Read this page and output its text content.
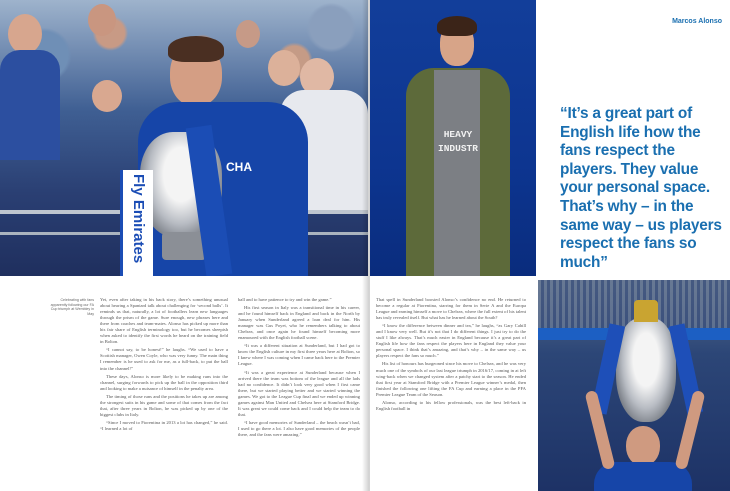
CHA
Fly Emirates
Celebrating with fans apparently following our FA Cup triumph at Wembley in May

Yet, even after taking in his back story, there’s something unusual about hearing a Spaniard talk about challenging for ‘second balls’. It reminds us that, naturally, a lot of footballers learn new languages through the prism of the game. Sure enough, new phrases here and there from coaches and team-mates. Alonso has picked up more than his fair share of English terminology too, but he becomes sheepish when asked to identify the first words he heard on the training field in Bolton.

“I cannot say, to be honest!” he laughs. “We used to have a Scottish manager, Owen Coyle, who was very funny. The main thing I remember is he used to ask for me, as a full-back, to put the ball into the channel!”

These days, Alonso is more likely to be making runs into the channel, surging forwards to pick up the ball in the opposition third and looking to make a nuisance of himself in the penalty area.

The timing of those runs and the positions he takes up are among the strongest suits in his game and some of that comes from the fact that, after three years in Bolton, he was picked up by one of the biggest clubs in Italy.

“Since I moved to Fiorentina in 2013 a lot has changed,” he said. “I learned a lot of

ball and to have patience to try and win the game.”

His first season in Italy was a transitional time in his career, and he found himself back in England and back in the North by January when Sunderland agreed a loan deal for him. His manager was Gus Poyet, who he remembers talking to about Chelsea, and once again he found himself becoming more enamoured with the English football scene.

“It was a different situation at Sunderland, but I had got to know the English culture in my first three years here at Bolton, so I knew where I was coming when I came back here to the Premier League.

“It was a great experience at Sunderland because when I arrived there the team was bottom of the league and all the lads had no confidence. It didn’t look very good when I first came there, but we started playing better and we started winning the games. We got to the League Cup final and we ended up winning games against Man United and Chelsea here at Stamford Bridge. It was great we could come back and I could help the team to do that.

“I have good memories of Sunderland – the beach wasn’t bad, I used to go there a lot. I also have good memories of the people there, and the fans were amazing.”

HEAVY INDUSTR
Marcos Alonso
“It’s a great part of English life how the fans respect the players. They value your personal space. That’s why – in the same way – us players respect the fans so much”

That spell in Sunderland boosted Alonso’s confidence no end. He returned to become a regular at Fiorentina, starring for them in Serie A and the Europa League and earning himself a move to Chelsea, where the full extent of his talent has truly revealed itself. But what has he learned about the South?

“I know the difference between dinner and tea,” he laughs, “as Gary Cahill and I know very well. But it’s not that I do different things. I just try to do the stuff I like always. That’s much easier in England because it’s a great part of English life how the fans respect the players here in England they value your personal space. I think that’s amazing, and that’s why – in the same way – us players respect the fans so much.”

His list of honours has burgeoned since his move to Chelsea, and he was very much one of the symbols of our last league triumph in 2016/17, coming in at left wing-back when we changed system after a patchy start to the season. He ended that first year at Stamford Bridge with a Premier League winner’s medal, then finished the following one lifting the FA Cup and earning a place in the PFA Premier League Team of the Season.

Alonso, according to his fellow professionals, was the best left-back in English football in
